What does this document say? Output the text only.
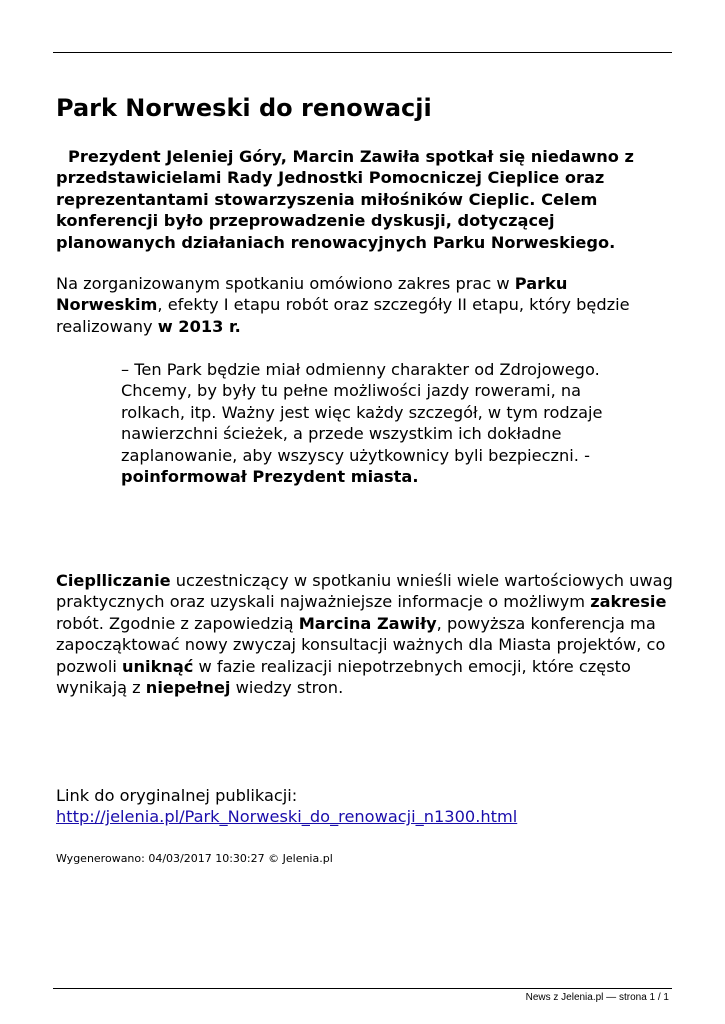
Park Norweski do renowacji
Prezydent Jeleniej Góry, Marcin Zawiła spotkał się niedawno z przedstawicielami Rady Jednostki Pomocniczej Cieplice oraz reprezentantami stowarzyszenia miłośników Cieplic. Celem konferencji było przeprowadzenie dyskusji, dotyczącej planowanych działaniach renowacyjnych Parku Norweskiego.
Na zorganizowanym spotkaniu omówiono zakres prac w Parku Norweskim, efekty I etapu robót oraz szczegóły II etapu, który będzie realizowany w 2013 r.
– Ten Park będzie miał odmienny charakter od Zdrojowego. Chcemy, by były tu pełne możliwości jazdy rowerami, na rolkach, itp. Ważny jest więc każdy szczegół, w tym rodzaje nawierzchni ścieżek, a przede wszystkim ich dokładne zaplanowanie, aby wszyscy użytkownicy byli bezpieczni. - poinformował Prezydent miasta.
Cieplliczanie uczestniczący w spotkaniu wnieśli wiele wartościowych uwag praktycznych oraz uzyskali najważniejsze informacje o możliwym zakresie robót. Zgodnie z zapowiedzią Marcina Zawiły, powyższa konferencja ma zapocząktować nowy zwyczaj konsultacji ważnych dla Miasta projektów, co pozwoli uniknąć w fazie realizacji niepotrzebnych emocji, które często wynikają z niepełnej wiedzy stron.
Link do oryginalnej publikacji:
http://jelenia.pl/Park_Norweski_do_renowacji_n1300.html
Wygenerowano: 04/03/2017 10:30:27 © Jelenia.pl
News z Jelenia.pl — strona 1 / 1
